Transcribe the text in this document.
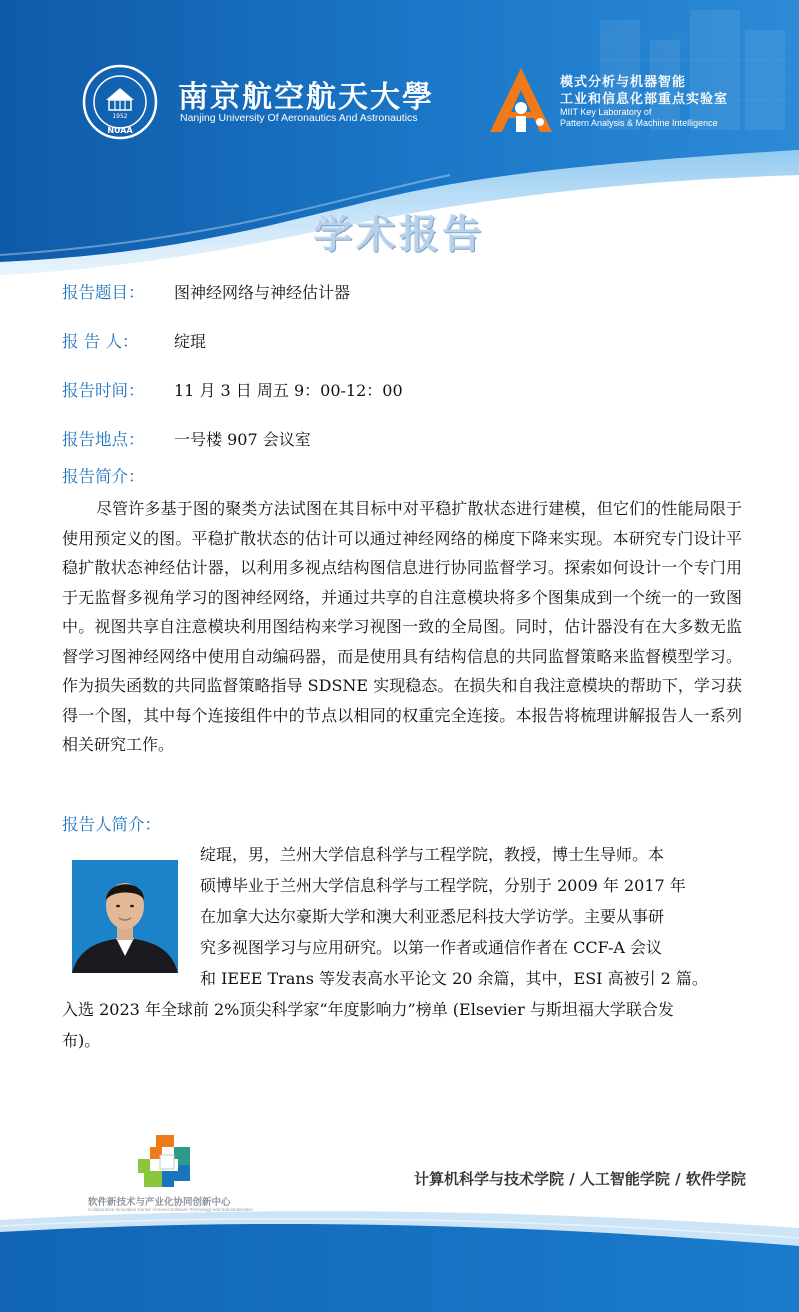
1952
NUAA
南京航空航天大學
Nanjing University Of Aeronautics And Astronautics
模式分析与机器智能
工业和信息化部重点实验室
MIIT Key Laboratory of
Pattern Analysis & Machine Intelligence
学术报告
报告题目： 图神经网络与神经估计器
报 告 人： 绽琨
报告时间： 11 月 3 日 周五 9：00-12：00
报告地点： 一号楼 907 会议室
报告简介：

尽管许多基于图的聚类方法试图在其目标中对平稳扩散状态进行建模，但它们的性能局限于使用预定义的图。平稳扩散状态的估计可以通过神经网络的梯度下降来实现。本研究专门设计平稳扩散状态神经估计器，以利用多视点结构图信息进行协同监督学习。探索如何设计一个专门用于无监督多视角学习的图神经网络，并通过共享的自注意模块将多个图集成到一个统一的一致图中。视图共享自注意模块利用图结构来学习视图一致的全局图。同时，估计器没有在大多数无监督学习图神经网络中使用自动编码器，而是使用具有结构信息的共同监督策略来监督模型学习。作为损失函数的共同监督策略指导 SDSNE 实现稳态。在损失和自我注意模块的帮助下，学习获得一个图，其中每个连接组件中的节点以相同的权重完全连接。本报告将梳理讲解报告人一系列相关研究工作。

报告人简介：
绽琨，男，兰州大学信息科学与工程学院，教授，博士生导师。本
硕博毕业于兰州大学信息科学与工程学院，分别于 2009 年 2017 年
在加拿大达尔豪斯大学和澳大利亚悉尼科技大学访学。主要从事研
究多视图学习与应用研究。以第一作者或通信作者在 CCF-A 会议
和 IEEE Trans 等发表高水平论文 20 余篇，其中，ESI 高被引 2 篇。
入选 2023 年全球前 2%顶尖科学家“年度影响力”榜单 (Elsevier 与斯坦福大学联合发
布)。
软件新技术与产业化协同创新中心
Collaborative Innovation Center of Novel Software Technology and Industrialization
计算机科学与技术学院 / 人工智能学院 / 软件学院
